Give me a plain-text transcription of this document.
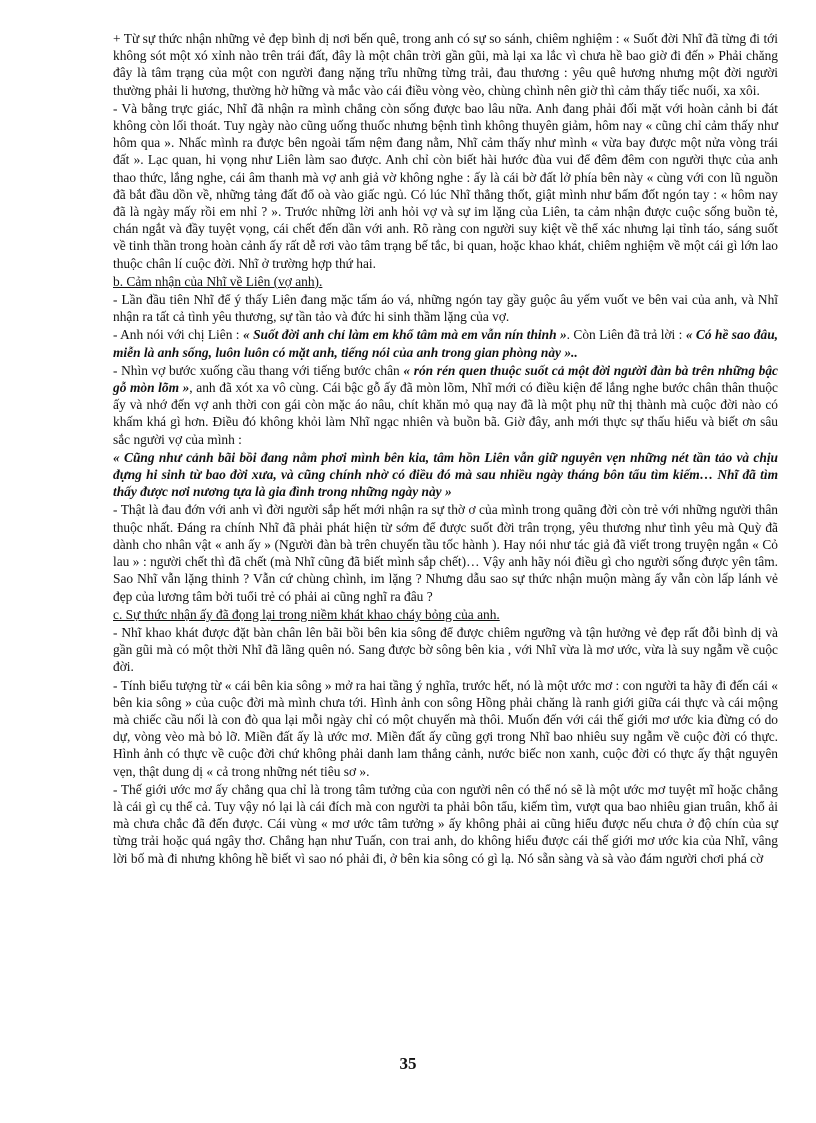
+ Từ sự thức nhận những vẻ đẹp bình dị nơi bến quê, trong anh có sự so sánh, chiêm nghiệm : « Suốt đời Nhĩ đã từng đi tới không sót một xó xỉnh nào trên trái đất, đây là một chân trời gần gũi, mà lại xa lắc vì chưa hề bao giờ đi đến » Phải chăng đây là tâm trạng của một con người đang nặng trĩu những từng trải, đau thương : yêu quê hương nhưng một đời người thường phải li hương, thường hờ hững và mắc vào cái điều vòng vèo, chùng chình nên giờ thì cảm thấy tiếc nuối, xa xôi.

- Và bằng trực giác, Nhĩ đã nhận ra mình chẳng còn sống được bao lâu nữa. Anh đang phải đối mặt với hoàn cảnh bi đát không còn lối thoát. Tuy ngày nào cũng uống thuốc nhưng bệnh tình không thuyên giảm, hôm nay « cũng chỉ cảm thấy như hôm qua ». Nhấc mình ra được bên ngoài tấm nệm đang nằm, Nhĩ cảm thấy như mình « vừa bay được một nửa vòng trái đất ». Lạc quan, hi vọng như Liên làm sao được. Anh chỉ còn biết hài hước đùa vui để đêm đêm con người thực của anh thao thức, lắng nghe, cái âm thanh mà vợ anh giả vờ không nghe : ấy là cái bờ đất lở phía bên này « cùng với con lũ nguồn đã bắt đầu dồn về, những tảng đất đổ oà vào giấc ngủ. Có lúc Nhĩ thẳng thốt, giật mình như bấm đốt ngón tay : « hôm nay đã là ngày mấy rồi em nhỉ ? ». Trước những lời anh hỏi vợ và sự im lặng của Liên, ta cảm nhận được cuộc sống buồn tẻ, chán ngắt và đầy tuyệt vọng, cái chết đến dần với anh. Rõ ràng con người suy kiệt về thể xác nhưng lại tỉnh táo, sáng suốt về tinh thần trong hoàn cảnh ấy rất dễ rơi vào tâm trạng bế tắc, bi quan, hoặc khao khát, chiêm nghiệm về một cái gì lớn lao thuộc chân lí cuộc đời. Nhĩ ở trường hợp thứ hai.

b. Cảm nhận của Nhĩ về Liên (vợ anh).

- Lần đầu tiên Nhĩ để ý thấy Liên đang mặc tấm áo vá, những ngón tay gầy guộc âu yếm vuốt ve bên vai của anh, và Nhĩ nhận ra tất cả tình yêu thương, sự tần tảo và đức hi sinh thầm lặng của vợ.

- Anh nói với chị Liên : « Suốt đời anh chỉ làm em khổ tâm mà em vẫn nín thinh ». Còn Liên đã trả lời : « Có hề sao đâu, miễn là anh sống, luôn luôn có mặt anh, tiếng nói của anh trong gian phòng này »..

- Nhìn vợ bước xuống cầu thang với tiếng bước chân « rón rén quen thuộc suốt cả một đời người đàn bà trên những bậc gỗ mòn lõm », anh đã xót xa vô cùng. Cái bậc gỗ ấy đã mòn lõm, Nhĩ mới có điều kiện để lắng nghe bước chân thân thuộc ấy và nhớ đến vợ anh thời con gái còn mặc áo nâu, chít khăn mỏ quạ nay đã là một phụ nữ thị thành mà cuộc đời nào có khấm khá gì hơn. Điều đó không khỏi làm Nhĩ ngạc nhiên và buồn bã. Giờ đây, anh mới thực sự thấu hiểu và biết ơn sâu sắc người vợ của mình :

« Cũng như cảnh bãi bồi đang nằm phơi mình bên kia, tâm hồn Liên vẫn giữ nguyên vẹn những nét tần tảo và chịu đựng hi sinh từ bao đời xưa, và cũng chính nhờ có điều đó mà sau nhiều ngày tháng bôn tẩu tìm kiếm… Nhĩ đã tìm thấy được nơi nương tựa là gia đình trong những ngày này »

- Thật là đau đớn với anh vì đời người sắp hết mới nhận ra sự thờ ơ của mình trong quãng đời còn trẻ với những người thân thuộc nhất. Đáng ra chính Nhĩ đã phải phát hiện từ sớm để được suốt đời trân trọng, yêu thương như tình yêu mà Quỳ đã dành cho nhân vật « anh ấy » (Người đàn bà trên chuyến tầu tốc hành ). Hay nói như tác giả đã viết trong truyện ngắn « Cỏ lau » : người chết thì đã chết (mà Nhĩ cũng đã biết mình sắp chết)… Vậy anh hãy nói điều gì cho người sống được yên tâm. Sao Nhĩ vẫn lặng thinh ? Vẫn cứ chùng chình, im lặng ? Nhưng dẫu sao sự thức nhận muộn màng ấy vẫn còn lấp lánh vẻ đẹp của lương tâm bởi tuổi trẻ có phải ai cũng nghĩ ra đâu ?

c. Sự thức nhận ấy đã đọng lại trong niềm khát khao cháy bỏng của anh.

- Nhĩ khao khát được đặt bàn chân lên bãi bồi bên kia sông để được chiêm ngưỡng và tận hưởng vẻ đẹp rất đỗi bình dị và gần gũi mà có một thời Nhĩ đã lãng quên nó. Sang được bờ sông bên kia , với Nhĩ vừa là mơ ước, vừa là suy ngẫm về cuộc đời.

- Tính biểu tượng từ « cái bên kia sông » mở ra hai tầng ý nghĩa, trước hết, nó là một ước mơ : con người ta hãy đi đến cái « bên kia sông » của cuộc đời mà mình chưa tới. Hình ảnh con sông Hồng phải chăng là ranh giới giữa cái thực và cái mộng mà chiếc cầu nối là con đò qua lại mỗi ngày chỉ có một chuyến mà thôi. Muốn đến với cái thế giới mơ ước kia đừng có do dự, vòng vèo mà bỏ lỡ. Miền đất ấy là ước mơ. Miền đất ấy cũng gợi trong Nhĩ bao nhiêu suy ngẫm về cuộc đời có thực. Hình ảnh có thực về cuộc đời chứ không phải danh lam thắng cảnh, nước biếc non xanh, cuộc đời có thực ấy thật nguyên vẹn, thật dung dị « cả trong những nét tiêu sơ ».

- Thế giới ước mơ ấy chẳng qua chỉ là trong tâm tưởng của con người nên có thể nó sẽ là một ước mơ tuyệt mĩ hoặc chẳng là cái gì cụ thể cả. Tuy vậy nó lại là cái đích mà con người ta phải bôn tẩu, kiếm tìm, vượt qua bao nhiêu gian truân, khổ ải mà chưa chắc đã đến được. Cái vùng « mơ ước tâm tưởng » ấy không phải ai cũng hiểu được nếu chưa ở độ chín của sự từng trải hoặc quá ngây thơ. Chẳng hạn như Tuấn, con trai anh, do không hiểu được cái thế giới mơ ước kia của Nhĩ, vâng lời bố mà đi nhưng không hề biết vì sao nó phải đi, ở bên kia sông có gì lạ. Nó sẵn sàng và sà vào đám người chơi phá cờ

35
